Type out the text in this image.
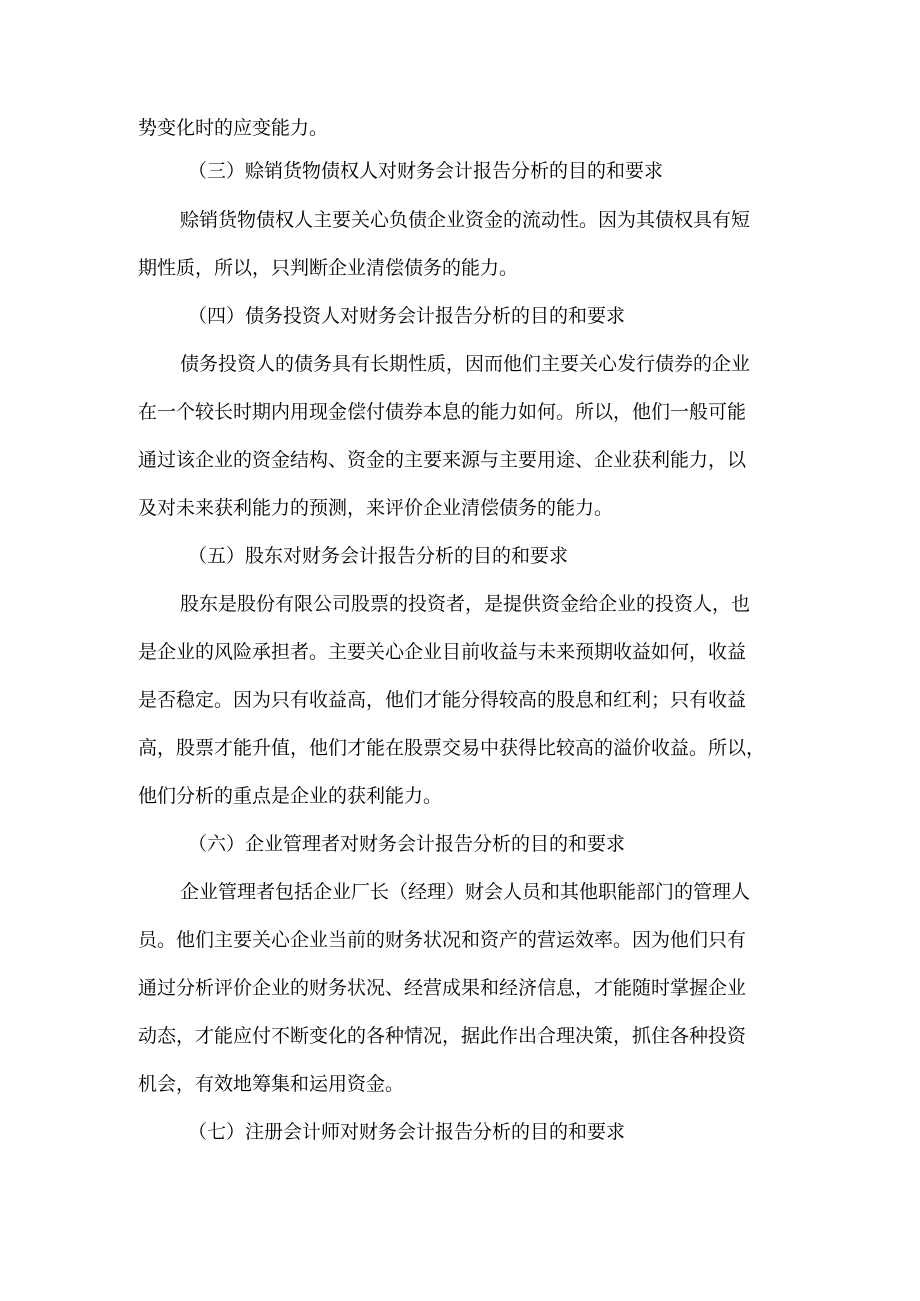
势变化时的应变能力。
（三）赊销货物债权人对财务会计报告分析的目的和要求
赊销货物债权人主要关心负债企业资金的流动性。因为其债权具有短
期性质，所以，只判断企业清偿债务的能力。
（四）债务投资人对财务会计报告分析的目的和要求
债务投资人的债务具有长期性质，因而他们主要关心发行债券的企业
在一个较长时期内用现金偿付债券本息的能力如何。所以，他们一般可能
通过该企业的资金结构、资金的主要来源与主要用途、企业获利能力，以
及对未来获利能力的预测，来评价企业清偿债务的能力。
（五）股东对财务会计报告分析的目的和要求
股东是股份有限公司股票的投资者，是提供资金给企业的投资人，也
是企业的风险承担者。主要关心企业目前收益与未来预期收益如何，收益
是否稳定。因为只有收益高，他们才能分得较高的股息和红利；只有收益
高，股票才能升值，他们才能在股票交易中获得比较高的溢价收益。所以，
他们分析的重点是企业的获利能力。
（六）企业管理者对财务会计报告分析的目的和要求
企业管理者包括企业厂长（经理）财会人员和其他职能部门的管理人
员。他们主要关心企业当前的财务状况和资产的营运效率。因为他们只有
通过分析评价企业的财务状况、经营成果和经济信息，才能随时掌握企业
动态，才能应付不断变化的各种情况，据此作出合理决策，抓住各种投资
机会，有效地筹集和运用资金。
（七）注册会计师对财务会计报告分析的目的和要求
